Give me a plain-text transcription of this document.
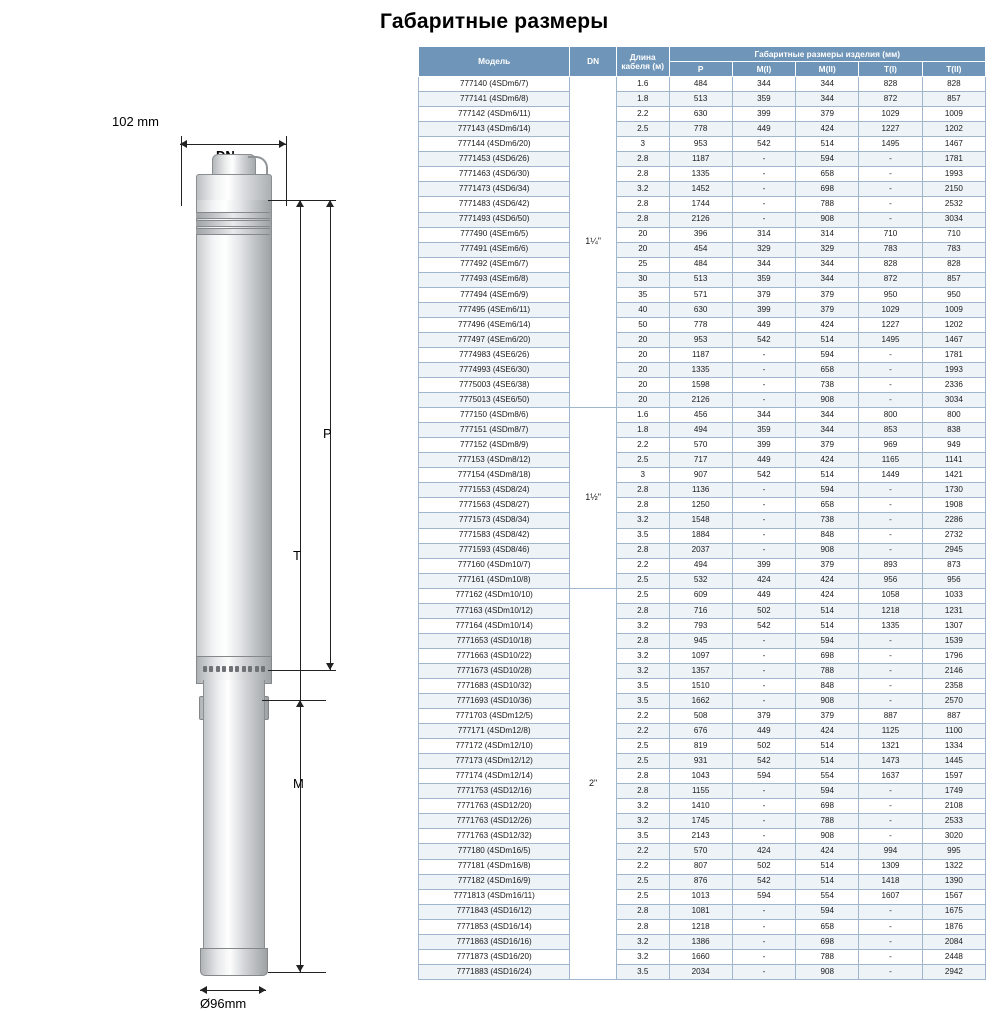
Габаритные размеры
102 mm
P
T
M
Ø96mm
Модель	DN	Длина кабеля (м)	Габаритные размеры изделия (мм)				
			P	M(I)	M(II)	T(I)	T(II)
777140 (4SDm6/7)	1¼"	1.6	484	344	344	828	828
777141 (4SDm6/8)		1.8	513	359	344	872	857
777142 (4SDm6/11)		2.2	630	399	379	1029	1009
777143 (4SDm6/14)		2.5	778	449	424	1227	1202
777144 (4SDm6/20)		3	953	542	514	1495	1467
7771453 (4SD6/26)		2.8	1187	-	594	-	1781
7771463 (4SD6/30)		2.8	1335	-	658	-	1993
7771473 (4SD6/34)		3.2	1452	-	698	-	2150
7771483 (4SD6/42)		2.8	1744	-	788	-	2532
7771493 (4SD6/50)		2.8	2126	-	908	-	3034
777490 (4SEm6/5)		20	396	314	314	710	710
777491 (4SEm6/6)		20	454	329	329	783	783
777492 (4SEm6/7)		25	484	344	344	828	828
777493 (4SEm6/8)		30	513	359	344	872	857
777494 (4SEm6/9)		35	571	379	379	950	950
777495 (4SEm6/11)		40	630	399	379	1029	1009
777496 (4SEm6/14)		50	778	449	424	1227	1202
777497 (4SEm6/20)		20	953	542	514	1495	1467
7774983 (4SE6/26)		20	1187	-	594	-	1781
7774993 (4SE6/30)		20	1335	-	658	-	1993
7775003 (4SE6/38)		20	1598	-	738	-	2336
7775013 (4SE6/50)		20	2126	-	908	-	3034
777150 (4SDm8/6)	1½"	1.6	456	344	344	800	800
777151 (4SDm8/7)		1.8	494	359	344	853	838
777152 (4SDm8/9)		2.2	570	399	379	969	949
777153 (4SDm8/12)		2.5	717	449	424	1165	1141
777154 (4SDm8/18)		3	907	542	514	1449	1421
7771553 (4SD8/24)		2.8	1136	-	594	-	1730
7771563 (4SD8/27)		2.8	1250	-	658	-	1908
7771573 (4SD8/34)		3.2	1548	-	738	-	2286
7771583 (4SD8/42)		3.5	1884	-	848	-	2732
7771593 (4SD8/46)		2.8	2037	-	908	-	2945
777160 (4SDm10/7)		2.2	494	399	379	893	873
777161 (4SDm10/8)		2.5	532	424	424	956	956
777162 (4SDm10/10)	2"	2.5	609	449	424	1058	1033
777163 (4SDm10/12)		2.8	716	502	514	1218	1231
777164 (4SDm10/14)		3.2	793	542	514	1335	1307
7771653 (4SD10/18)		2.8	945	-	594	-	1539
7771663 (4SD10/22)		3.2	1097	-	698	-	1796
7771673 (4SD10/28)		3.2	1357	-	788	-	2146
7771683 (4SD10/32)		3.5	1510	-	848	-	2358
7771693 (4SD10/36)		3.5	1662	-	908	-	2570
7771703 (4SDm12/5)		2.2	508	379	379	887	887
777171 (4SDm12/8)		2.2	676	449	424	1125	1100
777172 (4SDm12/10)		2.5	819	502	514	1321	1334
777173 (4SDm12/12)		2.5	931	542	514	1473	1445
777174 (4SDm12/14)		2.8	1043	594	554	1637	1597
7771753 (4SD12/16)		2.8	1155	-	594	-	1749
7771763 (4SD12/20)		3.2	1410	-	698	-	2108
7771763 (4SD12/26)		3.2	1745	-	788	-	2533
7771763 (4SD12/32)		3.5	2143	-	908	-	3020
777180 (4SDm16/5)		2.2	570	424	424	994	995
777181 (4SDm16/8)		2.2	807	502	514	1309	1322
777182 (4SDm16/9)		2.5	876	542	514	1418	1390
7771813 (4SDm16/11)		2.5	1013	594	554	1607	1567
7771843 (4SD16/12)		2.8	1081	-	594	-	1675
7771853 (4SD16/14)		2.8	1218	-	658	-	1876
7771863 (4SD16/16)		3.2	1386	-	698	-	2084
7771873 (4SD16/20)		3.2	1660	-	788	-	2448
7771883 (4SD16/24)		3.5	2034	-	908	-	2942
